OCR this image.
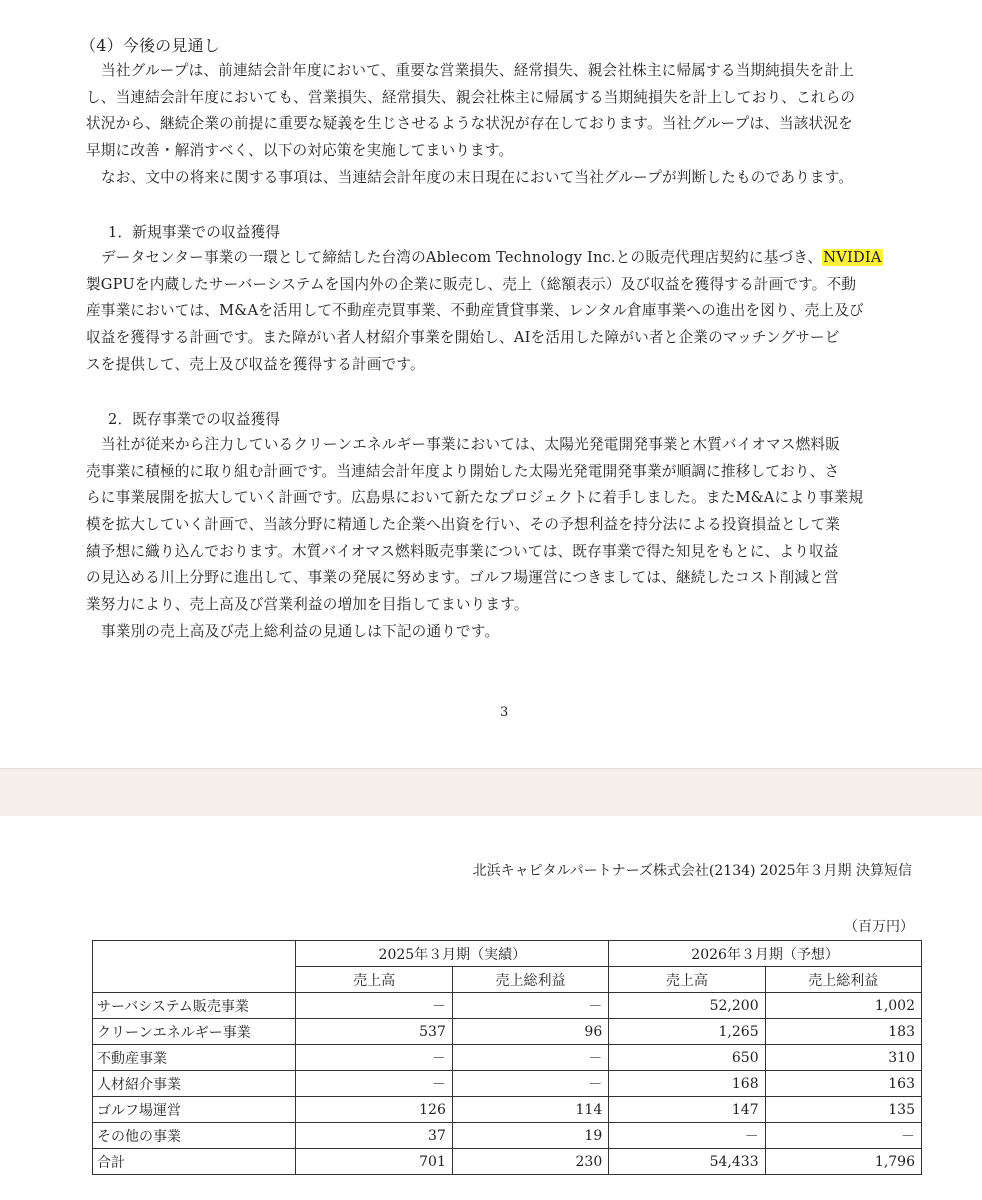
（4）今後の見通し
当社グループは、前連結会計年度において、重要な営業損失、経常損失、親会社株主に帰属する当期純損失を計上
し、当連結会計年度においても、営業損失、経常損失、親会社株主に帰属する当期純損失を計上しており、これらの
状況から、継続企業の前提に重要な疑義を生じさせるような状況が存在しております。当社グループは、当該状況を
早期に改善・解消すべく、以下の対応策を実施してまいります。
なお、文中の将来に関する事項は、当連結会計年度の末日現在において当社グループが判断したものであります。
1．新規事業での収益獲得
データセンター事業の一環として締結した台湾のAblecom Technology Inc.との販売代理店契約に基づき、NVIDIA
製GPUを内蔵したサーバーシステムを国内外の企業に販売し、売上（総額表示）及び収益を獲得する計画です。不動
産事業においては、M&Aを活用して不動産売買事業、不動産賃貸事業、レンタル倉庫事業への進出を図り、売上及び
収益を獲得する計画です。また障がい者人材紹介事業を開始し、AIを活用した障がい者と企業のマッチングサービ
スを提供して、売上及び収益を獲得する計画です。
2．既存事業での収益獲得
当社が従来から注力しているクリーンエネルギー事業においては、太陽光発電開発事業と木質バイオマス燃料販
売事業に積極的に取り組む計画です。当連結会計年度より開始した太陽光発電開発事業が順調に推移しており、さ
らに事業展開を拡大していく計画です。広島県において新たなプロジェクトに着手しました。またM&Aにより事業規
模を拡大していく計画で、当該分野に精通した企業へ出資を行い、その予想利益を持分法による投資損益として業
績予想に織り込んでおります。木質バイオマス燃料販売事業については、既存事業で得た知見をもとに、より収益
の見込める川上分野に進出して、事業の発展に努めます。ゴルフ場運営につきましては、継続したコスト削減と営
業努力により、売上高及び営業利益の増加を目指してまいります。
事業別の売上高及び売上総利益の見通しは下記の通りです。
3
北浜キャピタルパートナーズ株式会社(2134) 2025年３月期 決算短信
（百万円）
	2025年３月期（実績）		2026年３月期（予想）	
	売上高	売上総利益	売上高	売上総利益
サーバシステム販売事業	－	－	52,200	1,002
クリーンエネルギー事業	537	96	1,265	183
不動産事業	－	－	650	310
人材紹介事業	－	－	168	163
ゴルフ場運営	126	114	147	135
その他の事業	37	19	－	－
合計	701	230	54,433	1,796
